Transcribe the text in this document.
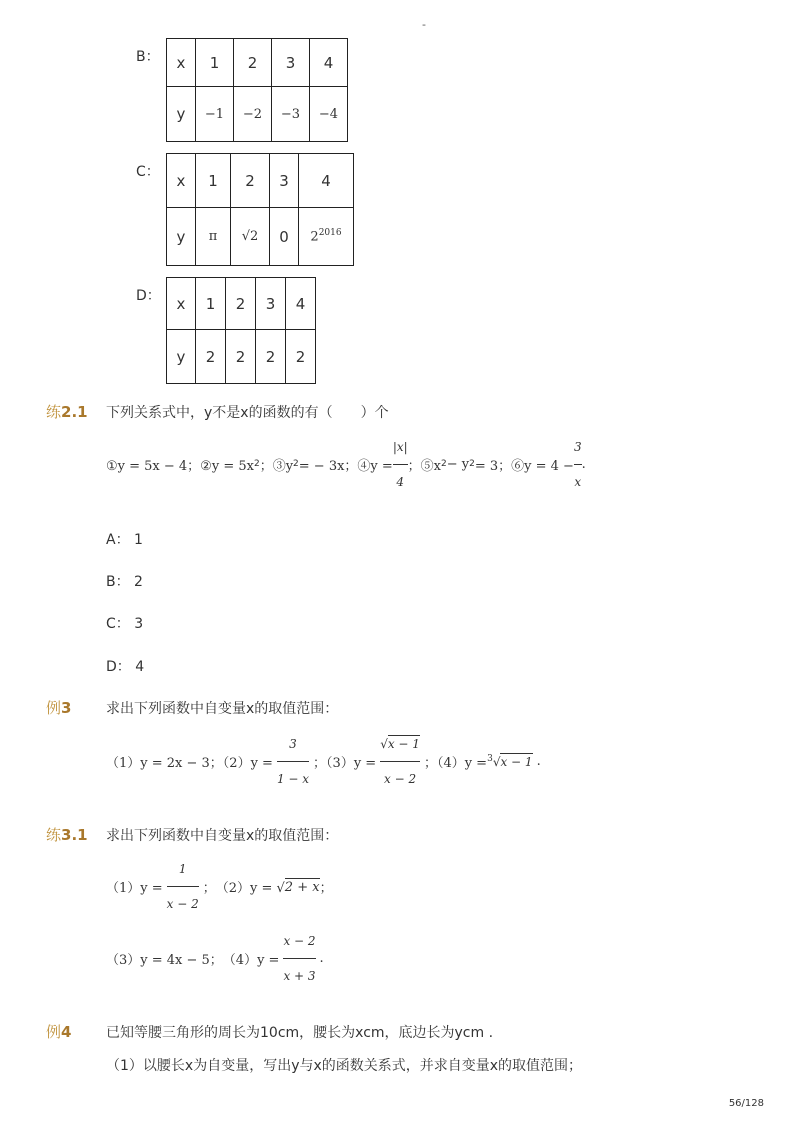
-
B： x	1	2	3	4
y	−1	−2	−3	−4
C： x	1	2	3	4
y	π	√2	0	$2^{2016}$
D： x	1	2	3	4
y	2	2	2	2
练2.1 下列关系式中，y不是x的函数的有（　　）个
①y = 5x − 4；②y = 5x 2 ；③y 2 = − 3x；④y = $\frac{|x|}{4}$ ；⑤x 2 − y 2 = 3；⑥y = $4 - \frac{3}{x}$ .
A： 1
B： 2
C： 3
D： 4
例3 求出下列函数中自变量x的取值范围：
（1）y = 2x − 3；$(2)y = \frac{3}{1 - x}$ ；$(3)y = \frac{√x - 1}{x - 2}$ ；（4）y = $^3$√x − 1 .
练3.1 求出下列函数中自变量x的取值范围：
$(1)y = \frac{1}{x - 2}$ ；　（2）y = √ 2 + x ；
（3）y = 4x − 5；　$(4)y = \frac{x - 2}{x + 3}$ .
例4 已知等腰三角形的周长为10cm，腰长为xcm，底边长为ycm .
（1）以腰长x为自变量，写出y与x的函数关系式，并求自变量x的取值范围；
56/128
